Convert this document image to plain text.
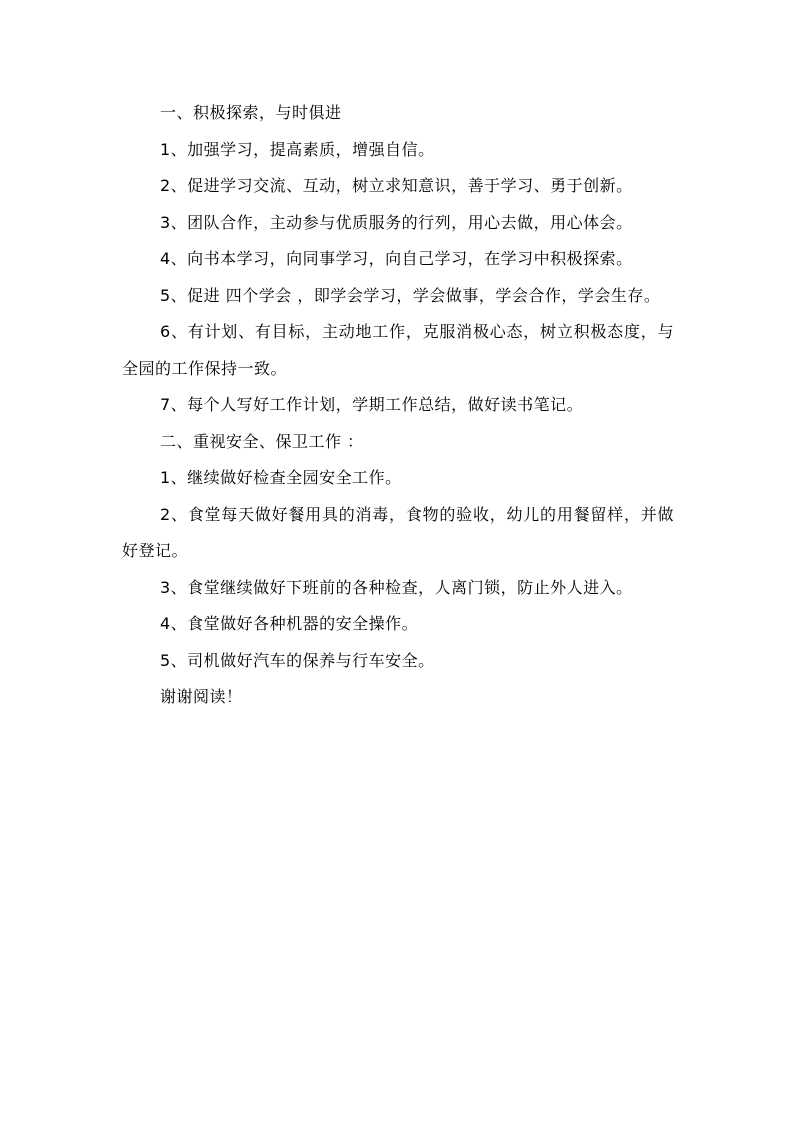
一、积极探索，与时俱进

1、加强学习，提高素质，增强自信。

2、促进学习交流、互动，树立求知意识，善于学习、勇于创新。

3、团队合作，主动参与优质服务的行列，用心去做，用心体会。

4、向书本学习，向同事学习，向自己学习，在学习中积极探索。

5、促进 四个学会 ，即学会学习，学会做事，学会合作，学会生存。

6、有计划、有目标，主动地工作，克服消极心态，树立积极态度，与全园的工作保持一致。

7、每个人写好工作计划，学期工作总结，做好读书笔记。

二、重视安全、保卫工作 ：

1、继续做好检查全园安全工作。

2、食堂每天做好餐用具的消毒，食物的验收，幼儿的用餐留样，并做好登记。

3、食堂继续做好下班前的各种检查，人离门锁，防止外人进入。

4、食堂做好各种机器的安全操作。

5、司机做好汽车的保养与行车安全。

谢谢阅读！
